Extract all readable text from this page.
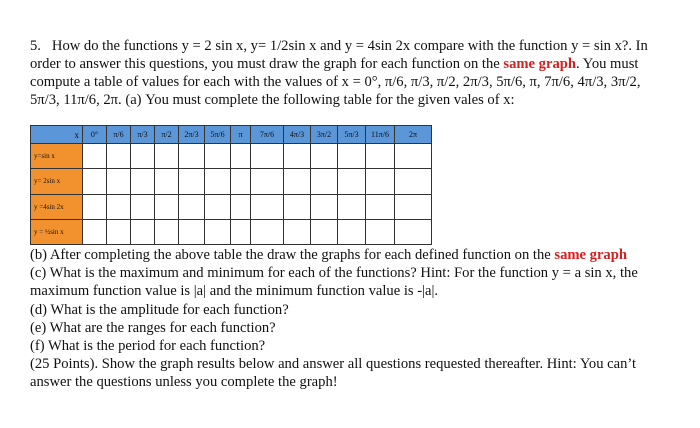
5. How do the functions y = 2 sin x, y= 1/2sin x and y = 4sin 2x compare with the function y = sin x?. In order to answer this questions, you must draw the graph for each function on the same graph. You must compute a table of values for each with the values of x = 0°, π/6, π/3, π/2, 2π/3, 5π/6, π, 7π/6, 4π/3, 3π/2, 5π/3, 11π/6, 2π. (a) You must complete the following table for the given vales of x:

x	0°	π/6	π/3	π/2	2π/3	5π/6	π	7π/6	4π/3	3π/2	5π/3	11π/6	2π
y=sin x													
y= 2sin x													
y =4sin 2x													
y = ½sin x													
(b) After completing the above table the draw the graphs for each defined function on the same graph
(c) What is the maximum and minimum for each of the functions? Hint: For the function y = a sin x, the maximum function value is |a| and the minimum function value is -|a|.
(d) What is the amplitude for each function?
(e) What are the ranges for each function?
(f) What is the period for each function?
(25 Points). Show the graph results below and answer all questions requested thereafter. Hint: You can’t answer the questions unless you complete the graph!
